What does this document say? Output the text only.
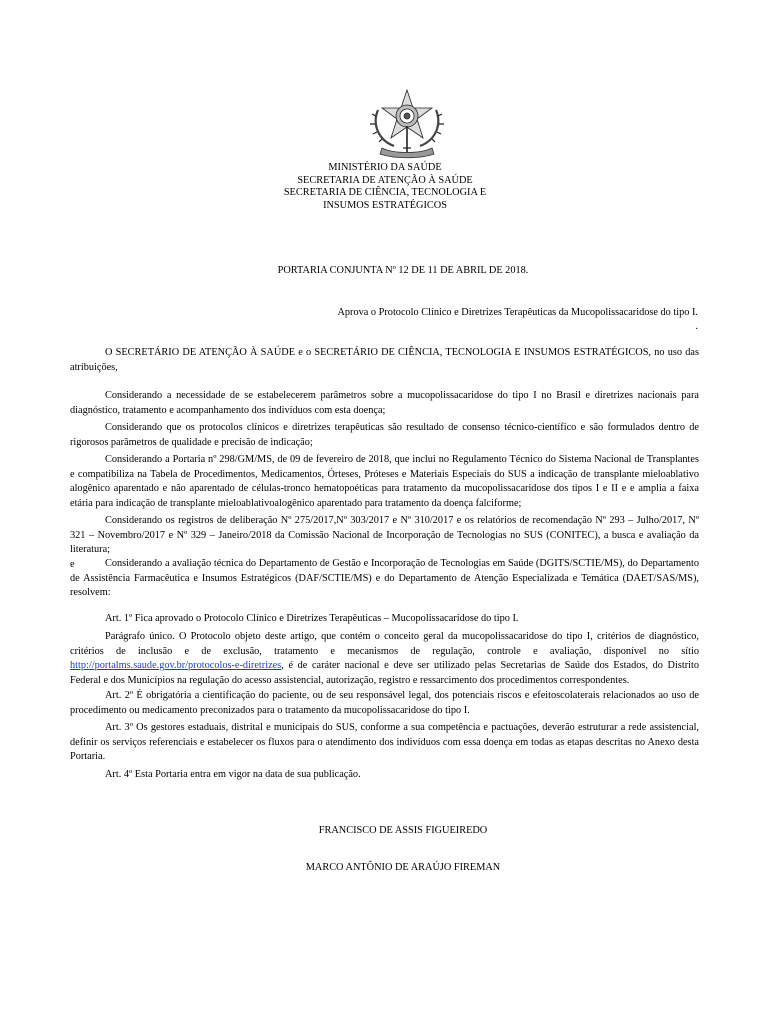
MINISTÉRIO DA SAÚDE
SECRETARIA DE ATENÇÃO À SAÚDE
SECRETARIA DE CIÊNCIA, TECNOLOGIA E
INSUMOS ESTRATÉGICOS
PORTARIA CONJUNTA Nº 12 DE 11 DE ABRIL DE 2018.
Aprova o Protocolo Clínico e Diretrizes Terapêuticas da Mucopolissacaridose do tipo I.
.

O SECRETÁRIO DE ATENÇÃO À SAÚDE e o SECRETÁRIO DE CIÊNCIA, TECNOLOGIA E INSUMOS ESTRATÉGICOS, no uso das atribuições,

Considerando a necessidade de se estabelecerem parâmetros sobre a mucopolissacaridose do tipo I no Brasil e diretrizes nacionais para diagnóstico, tratamento e acompanhamento dos indivíduos com esta doença;

Considerando que os protocolos clínicos e diretrizes terapêuticas são resultado de consenso técnico-científico e são formulados dentro de rigorosos parâmetros de qualidade e precisão de indicação;

Considerando a Portaria nº 298/GM/MS, de 09 de fevereiro de 2018, que inclui no Regulamento Técnico do Sistema Nacional de Transplantes e compatibiliza na Tabela de Procedimentos, Medicamentos, Órteses, Próteses e Materiais Especiais do SUS a indicação de transplante mieloablativo alogênico aparentado e não aparentado de células-tronco hematopoéticas para tratamento da mucopolissacaridose dos tipos I e II e e amplia a faixa etária para indicação de transplante mieloablativoalogênico aparentado para tratamento da doença falciforme;

Considerando os registros de deliberação Nº 275/2017,Nº 303/2017 e Nº 310/2017 e os relatórios de recomendação Nº 293 – Julho/2017, Nº 321 – Novembro/2017 e Nº 329 – Janeiro/2018 da Comissão Nacional de Incorporação de Tecnologias no SUS (CONITEC), a busca e avaliação da literatura;

e	Considerando a avaliação técnica do Departamento de Gestão e Incorporação de Tecnologias em Saúde (DGITS/SCTIE/MS), do Departamento de Assistência Farmacêutica e Insumos Estratégicos (DAF/SCTIE/MS) e do Departamento de Atenção Especializada e Temática (DAET/SAS/MS), resolvem:

Art. 1º Fica aprovado o Protocolo Clínico e Diretrizes Terapêuticas – Mucopolissacaridose do tipo I.

Parágrafo único. O Protocolo objeto deste artigo, que contém o conceito geral da mucopolissacaridose do tipo I, critérios de diagnóstico, critérios de inclusão e de exclusão, tratamento e mecanismos de regulação, controle e avaliação, disponível no sítio http://portalms.saude.gov.br/protocolos-e-diretrizes, é de caráter nacional e deve ser utilizado pelas Secretarias de Saúde dos Estados, do Distrito Federal e dos Municípios na regulação do acesso assistencial, autorização, registro e ressarcimento dos procedimentos correspondentes.

Art. 2º É obrigatória a cientificação do paciente, ou de seu responsável legal, dos potenciais riscos e efeitoscolaterais relacionados ao uso de procedimento ou medicamento preconizados para o tratamento da mucopolissacaridose do tipo I.

Art. 3º Os gestores estaduais, distrital e municipais do SUS, conforme a sua competência e pactuações, deverão estruturar a rede assistencial, definir os serviços referenciais e estabelecer os fluxos para o atendimento dos indivíduos com essa doença em todas as etapas descritas no Anexo desta Portaria.

Art. 4º Esta Portaria entra em vigor na data de sua publicação.

FRANCISCO DE ASSIS FIGUEIREDO
MARCO ANTÔNIO DE ARAÚJO FIREMAN
